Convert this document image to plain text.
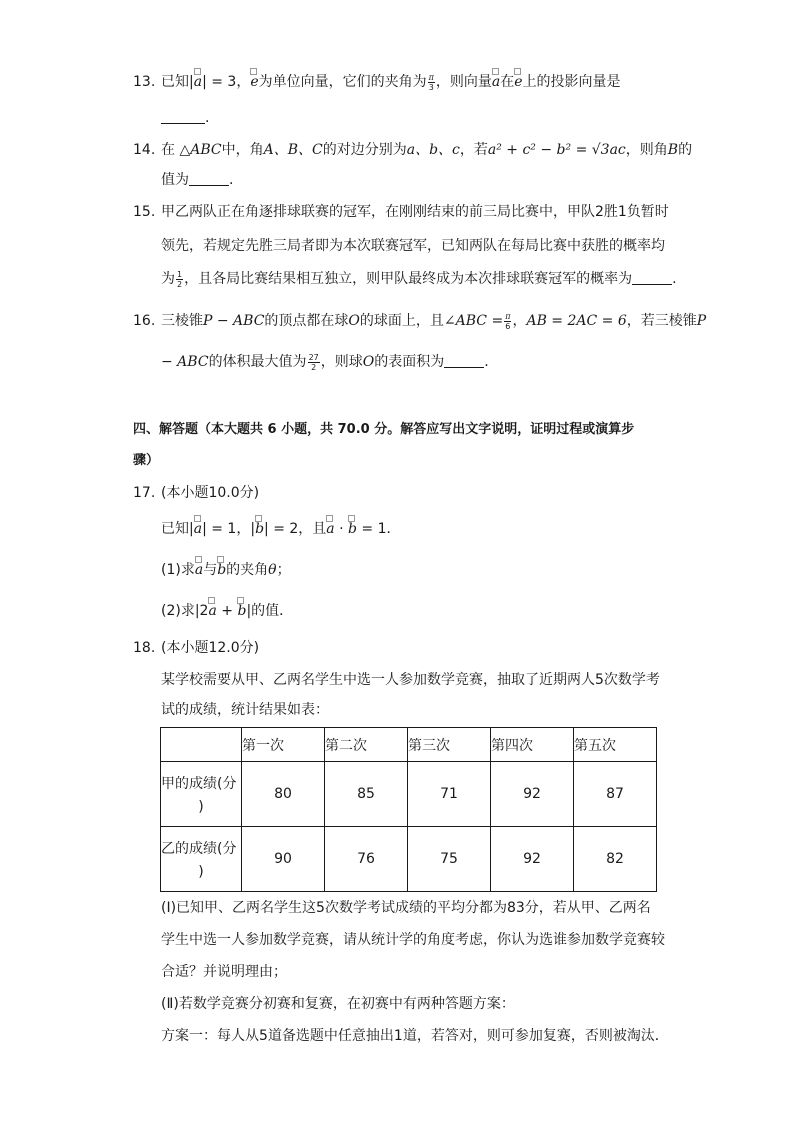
13. 已知|a| = 3，e为单位向量，它们的夹角为 $\frac{\pi}{3}$ ，则向量a在e上的投影向量是
.
14. 在 △ABC中，角A、B、C的对边分别为a、b、c，若a² + c² − b² = √3ac，则角B的
值为	.
15. 甲乙两队正在角逐排球联赛的冠军，在刚刚结束的前三局比赛中，甲队2胜1负暂时
领先，若规定先胜三局者即为本次联赛冠军，已知两队在每局比赛中获胜的概率均
为 $\frac{1}{2}$ ，且各局比赛结果相互独立，则甲队最终成为本次排球联赛冠军的概率为	.
16. 三棱锥P − ABC的顶点都在球O的球面上，且∠ABC = $\frac{\pi}{6}$ ，AB = 2AC = 6，若三棱锥P
− ABC的体积最大值为 $\frac{27}{2}$ ，则球O的表面积为	.
四、解答题（本大题共 6 小题，共 70.0 分。解答应写出文字说明，证明过程或演算步
骤）
17. (本小题10.0分)
已知|a| = 1，|b| = 2，且a · b = 1．
(1)求a与b的夹角θ；
(2)求|2a + b|的值．
18. (本小题12.0分)
某学校需要从甲、乙两名学生中选一人参加数学竞赛，抽取了近期两人5次数学考
试的成绩，统计结果如表：
	第一次	第二次	第三次	第四次	第五次

甲的成绩(分
)	80	85	71	92	87

乙的成绩(分
)	90	76	75	92	82
(Ⅰ)已知甲、乙两名学生这5次数学考试成绩的平均分都为83分，若从甲、乙两名
学生中选一人参加数学竞赛，请从统计学的角度考虑，你认为选谁参加数学竞赛较
合适？并说明理由；
(Ⅱ)若数学竞赛分初赛和复赛，在初赛中有两种答题方案：
方案一：每人从5道备选题中任意抽出1道，若答对，则可参加复赛，否则被淘汰．
